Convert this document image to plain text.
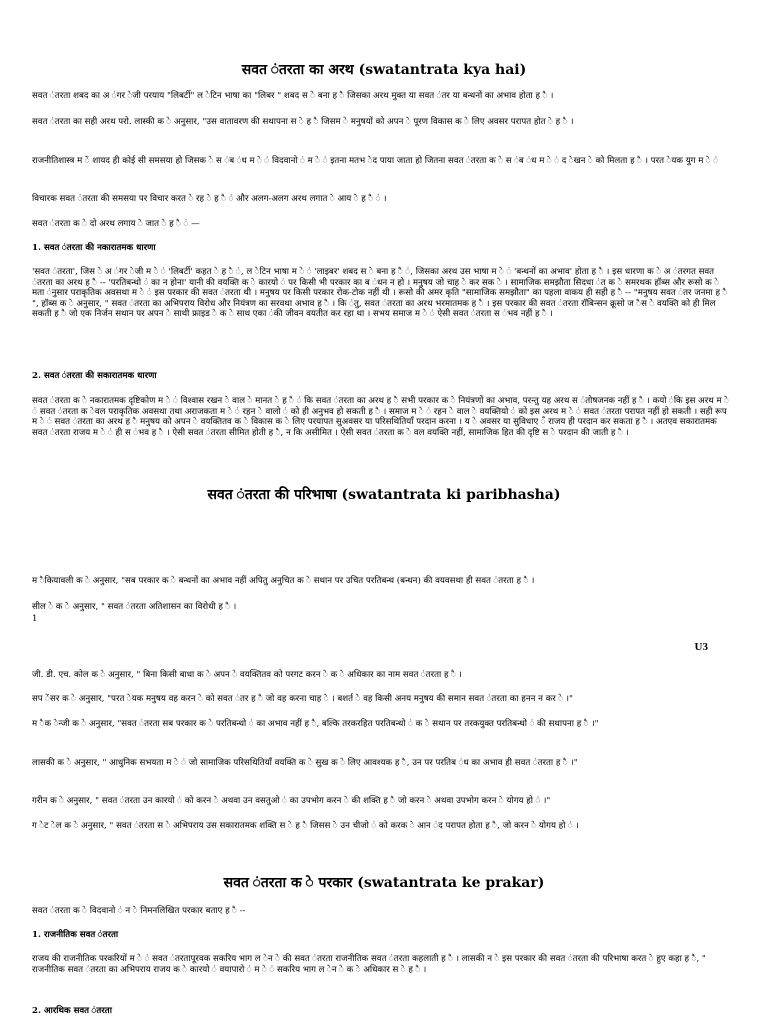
सवत ंतरता का अरथ (swatantrata kya hai)

सवत ंतरता शबद का अ ंगर ेजी परयाय "लिबर्टी" ल ेटिन भाषा का "लिबर " शबद स े बना ह ै जिसका अरथ मुक्त या सवत ंतर या बन्धनों का अभाव होता ह ै ।

सवत ंतरता का सही अरथ परो. लास्की क े अनुसार, "उस वातावरण की सथापना स े ह ै जिसम े मनुषयों को अपन े पूरण विकास क े लिए अवसर परापत होत े ह ै ।

राजनीतिशास्त्र म ें शायद ही कोई सी समसया हो जिसक े स ंब ंध म े ं विदवानो ं म े ं इतना मतभ ेद पाया जाता हो जितना सवत ंतरता क े स ंब ंध म े ं द ेखन े को मिलता ह ै । परत ेयक युग म े ं

विचारक सवत ंतरता की समसया पर विचार करत े रह े ह ै ं और अलग-अलग अरथ लगात े आय े ह ै ं ।

सवत ंतरता क े दो अरथ लगाय े जात े ह ै ं —

1. सवत ंतरता की नकारातमक धारणा

'सवत ंतरता', जिस े अ ंगर ेजी म े ं 'लिबर्टी' कहत े ह ै ं, ल ेटिन भाषा म े ं 'लाइबर' शबद स े बना ह ै ं, जिसका अरथ उस भाषा म े ं 'बन्धनों का अभाव' होता ह ै । इस धारणा क े अ ंतरगत सवत ंतरता का अरथ ह ै -- 'परतिबन्धो ं का न होना' यानी की वयक्ति क े कारयो ं पर किसी भी परकार का ब ंधन न हो । मनुषय जो चाह े कर सक े । सामाजिक समझौता सिदधा ंत क े समरथक हॉब्स और रूसो क े मता ंनुसार पराकृतिक अवसथा म े ं इस परकार की सवत ंतरता थी । मनुषय पर किसी परकार रोक-टोक नहीं थी । रूसो की अमर कृति "सामाजिक समझौता" का पहला वाकय ही सही ह ै -- "मनुषय सवत ंतर जनमा ह ै ", हॉब्स क े अनुसार, " सवत ंतरता का अभिपराय विरोध और नियंत्रण का सरवथा अभाव ह ै । कि ंतु, सवत ंतरता का अरथ भरमातमक ह ै । इस परकार की सवत ंतरता रॉबिन्सन क्रूसो ज ैस े वयक्ति को ही मिल सकती ह ै जो एक निर्जन सथान पर अपन े साथी फ्राइड े क े साथ एका ंकी जीवन वयतीत कर रहा था । सभय समाज म े ं ऐसी सवत ंतरता स ंभव नहीं ह ै ।

2. सवत ंतरता की सकारातमक धारणा

सवत ंतरता क े नकारातमक दृष्टिकोण म े ं विश्वास रखन े वाल े मानत े ह ै ं कि सवत ंतरता का अरथ ह ै सभी परकार क े नियंत्रणों का अभाव, परन्तु यह अरथ स ंतोषजनक नहीं ह ै । कयो ंकि इस अरथ म े ं सवत ंतरता क ेवल पराकृतिक अवसथा तथा अराजकता म े ं रहन े वालो ं को ही अनुभव हो सकती ह ै । समाज म े ं रहन े वाल े वयक्तियो ं को इस अरथ म े ं सवत ंतरता परापत नहीं हो सकती । सही रूप म े ं सवत ंतरता का अरथ ह ै मनुषय को अपन े वयक्तितव क े विकास क े लिए परयापत सुअवसर या परिसथितियाँ परदान करना । य े अवसर या सुविधाए ँ राजय ही परदान कर सकता ह ै । अतएव सकारातमक सवत ंतरता राजय म े ं ही स ंभव ह ै । ऐसी सवत ंतरता सीमित होती ह ै, न कि असीमित । ऐसी सवत ंतरता क े वल वयक्ति नहीं, सामाजिक हित की दृष्टि स े परदान की जाती ह ै ।

सवत ंतरता की परिभाषा (swatantrata ki paribhasha)

म ैकियावली क े अनुसार, "सब परकार क े बन्धनों का अभाव नहीं अपितु अनुचित क े सथान पर उचित परतिबन्ध (बन्धन) की वयवसथा ही सवत ंतरता ह ै ।

सील े क े अनुसार, " सवत ंतरता अतिशासन का विरोधी ह ै ।

1

U3

जी. डी. एच. कोल क े अनुसार, " बिना किसी बाधा क े अपन े वयक्तितव को परगट करन े क े अधिकार का नाम सवत ंतरता ह ै ।

सप ेंसर क े अनुसार, "परत ेयक मनुषय वह करन े को सवत ंतर ह ै जो वह करना चाह े । बशर्त े वह किसी अनय मनुषय की समान सवत ंतरता का हनन न कर े ।"

म ैक ेन्जी क े अनुसार, "सवत ंतरता सब परकार क े परतिबन्धो ं का अभाव नहीं ह ै, बल्कि तरकरहित परतिबन्धो ं क े सथान पर तरकयुक्त परतिबन्धो ं की सथापना ह ै ।"

लासकी क े अनुसार, " आधुनिक सभयता म े ं जो सामाजिक परिसथितियाँ वयक्ति क े सुख क े लिए आवश्यक ह ै, उन पर परतिब ंध का अभाव ही सवत ंतरता ह ै ।"

गरीन क े अनुसार, " सवत ंतरता उन कारयो ं को करन े अथवा उन वसतुओ ं का उपभोग करन े की शक्ति ह ै जो करन े अथवा उपभोग करन े योगय हो ं ।"

ग ेट ेल क े अनुसार, " सवत ंतरता स े अभिपराय उस सकारातमक शक्ति स े ह ै जिसस े उन चीजो ं को करक े आन ंद परापत होता ह ै, जो करन े योगय हो ं ।

सवत ंतरता क े परकार (swatantrata ke prakar)

सवत ंतरता क े विदवानो ं न े निमनलिखित परकार बताए ह ै --

1. राजनीतिक सवत ंतरता

राजय की राजनीतिक परकरियों म े ं सवत ंतरतापूरवक सकरिय भाग ल ेन े की सवत ंतरता राजनीतिक सवत ंतरता कहलाती ह ै । लासकी न े इस परकार की सवत ंतरता की परिभाषा करत े हुए कहा ह ै, " राजनीतिक सवत ंतरता का अभिपराय राजय क े कारयो ं वयापारो ं म े ं सकरिय भाग ल ेन े क े अधिकार स े ह ै ।

2. आरथिक सवत ंतरता
